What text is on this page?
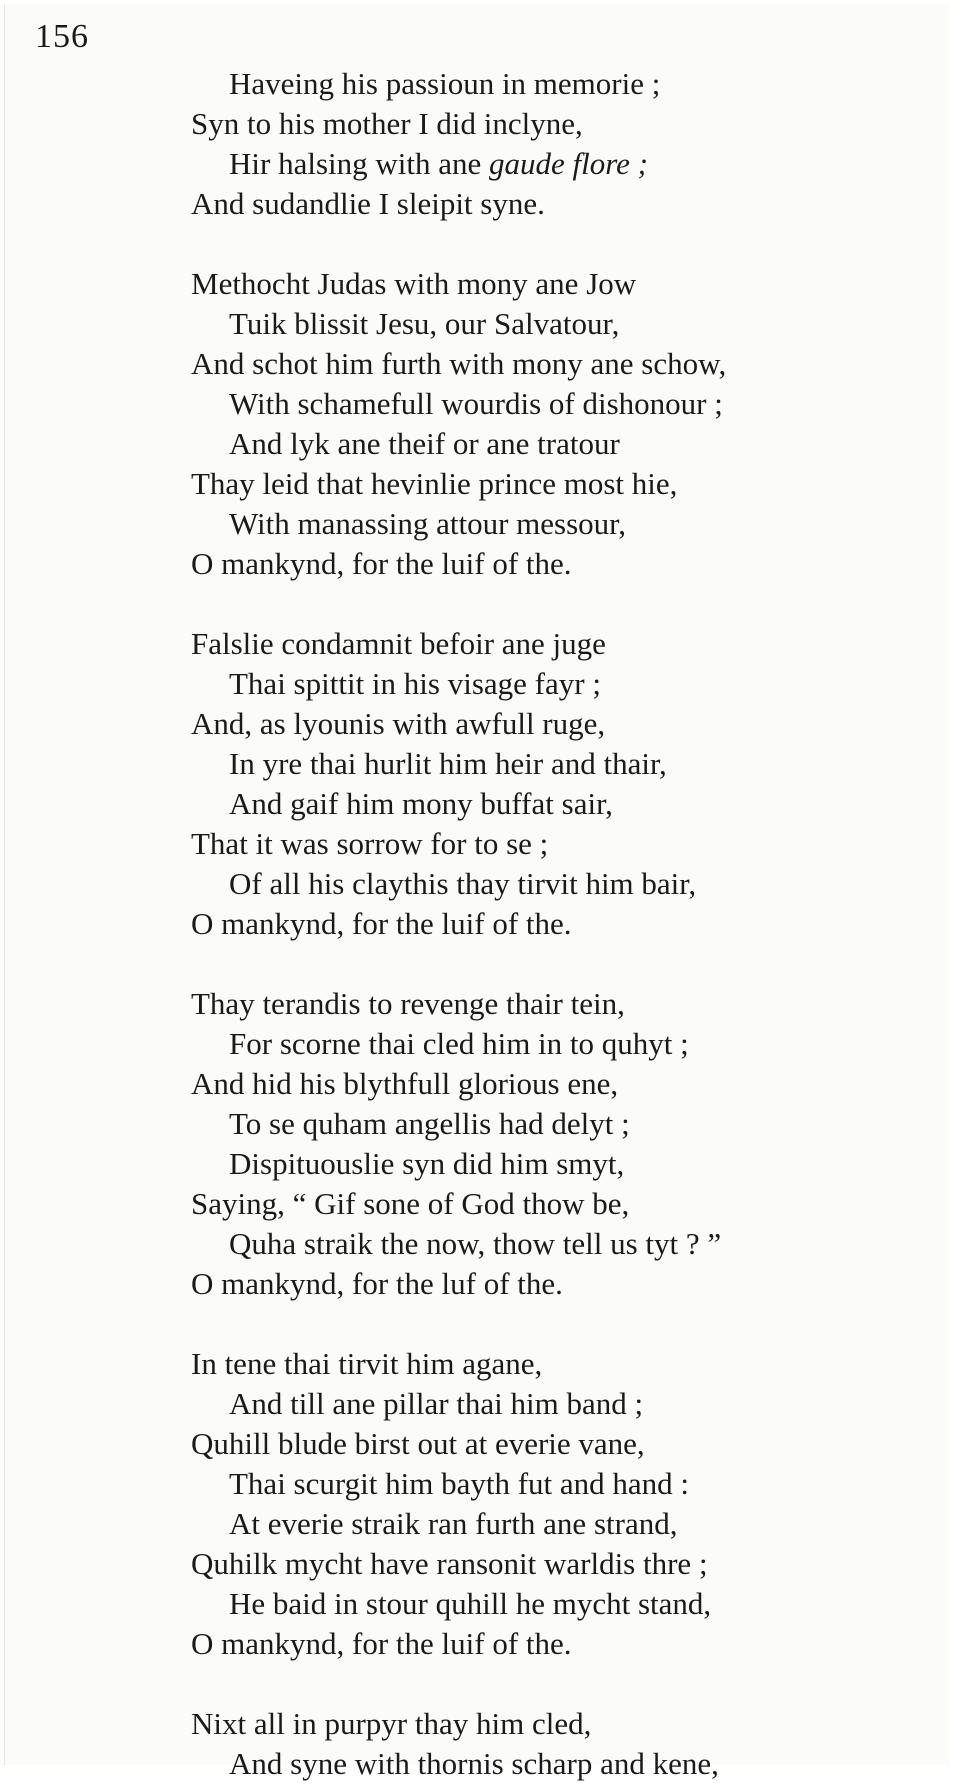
156
Haveing his passioun in memorie ;
Syn to his mother I did inclyne,
Hir halsing with ane gaude flore ;
And sudandlie I sleipit syne.
Methocht Judas with mony ane Jow
Tuik blissit Jesu, our Salvatour,
And schot him furth with mony ane schow,
With schamefull wourdis of dishonour ;
And lyk ane theif or ane tratour
Thay leid that hevinlie prince most hie,
With manassing attour messour,
O mankynd, for the luif of the.
Falslie condamnit befoir ane juge
Thai spittit in his visage fayr ;
And, as lyounis with awfull ruge,
In yre thai hurlit him heir and thair,
And gaif him mony buffat sair,
That it was sorrow for to se ;
Of all his claythis thay tirvit him bair,
O mankynd, for the luif of the.
Thay terandis to revenge thair tein,
For scorne thai cled him in to quhyt ;
And hid his blythfull glorious ene,
To se quham angellis had delyt ;
Dispituouslie syn did him smyt,
Saying, “ Gif sone of God thow be,
Quha straik the now, thow tell us tyt ? ”
O mankynd, for the luf of the.
In tene thai tirvit him agane,
And till ane pillar thai him band ;
Quhill blude birst out at everie vane,
Thai scurgit him bayth fut and hand :
At everie straik ran furth ane strand,
Quhilk mycht have ransonit warldis thre ;
He baid in stour quhill he mycht stand,
O mankynd, for the luif of the.
Nixt all in purpyr thay him cled,
And syne with thornis scharp and kene,
